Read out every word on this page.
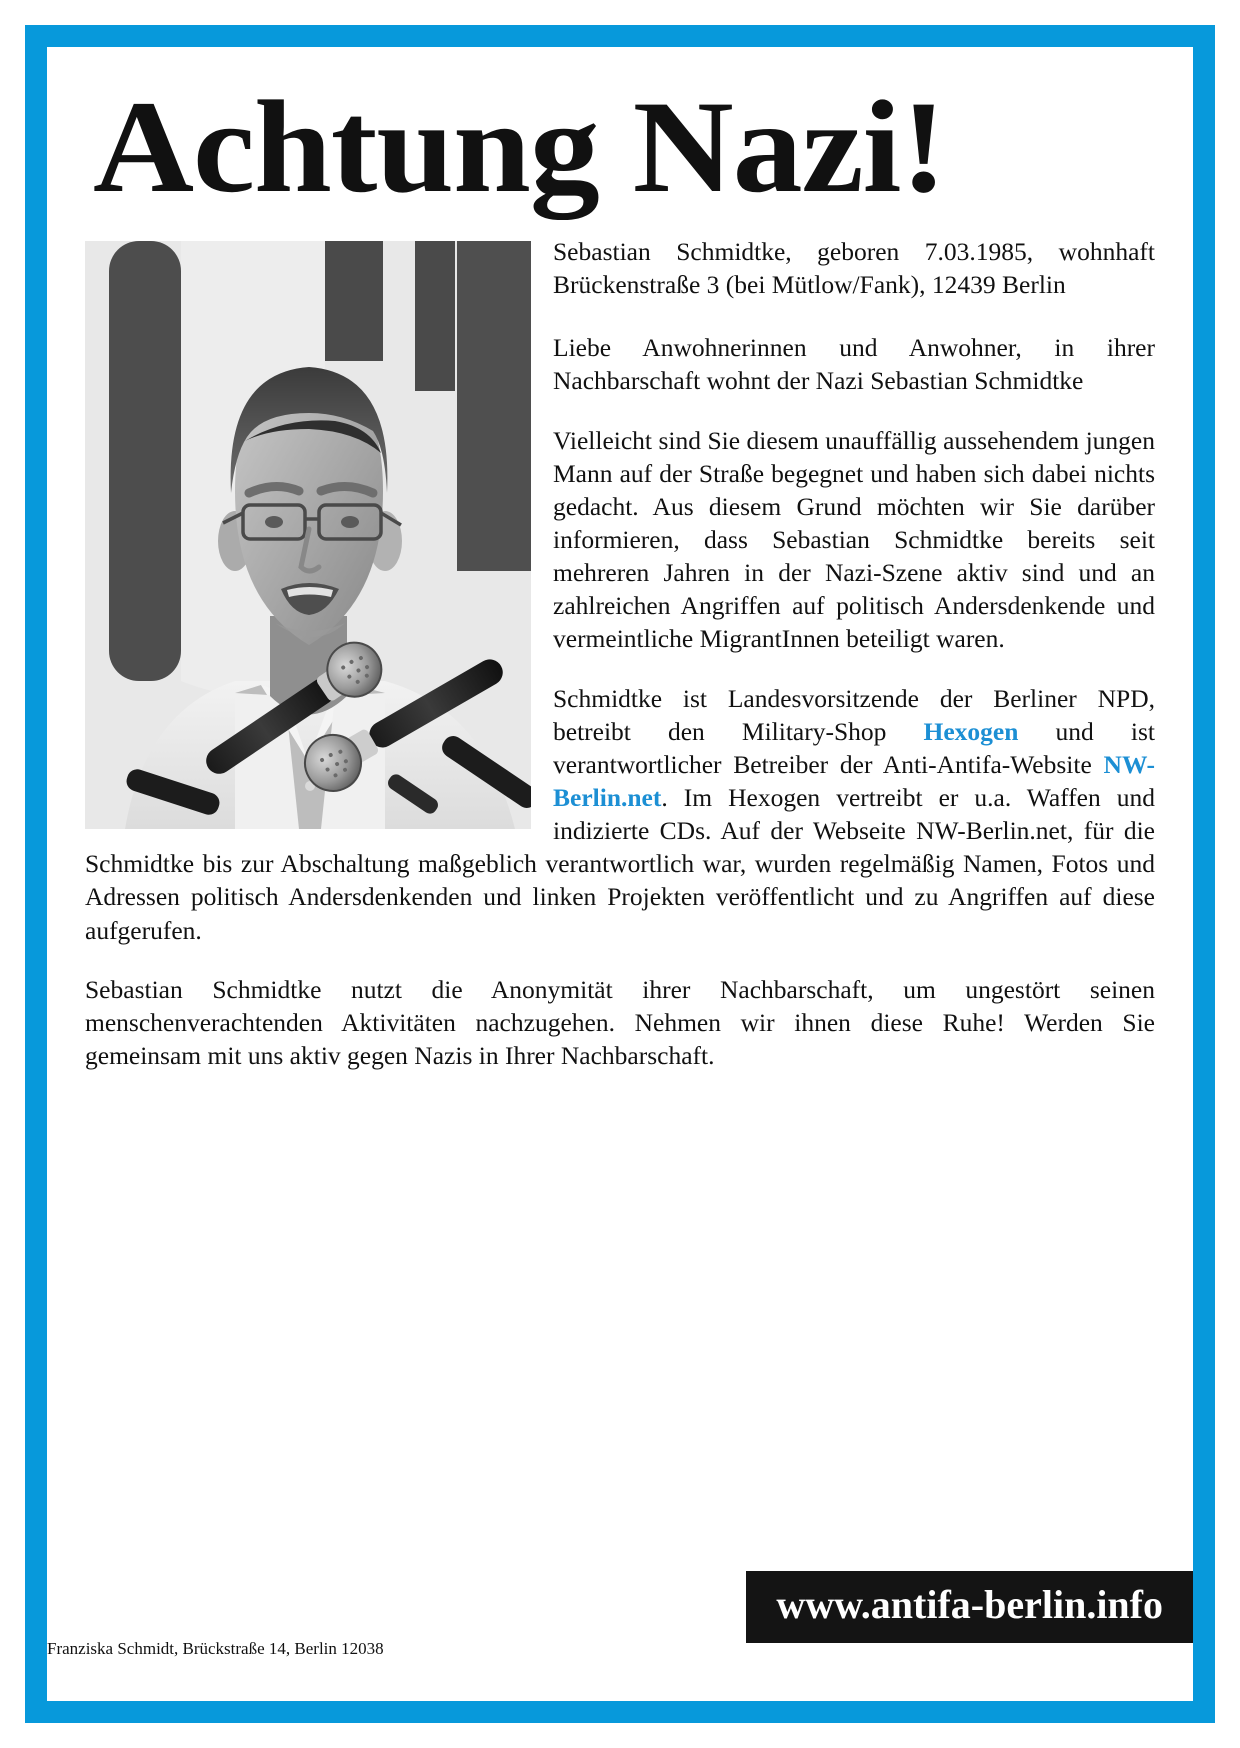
Achtung Nazi!

Sebastian Schmidtke, geboren 7.03.1985, wohnhaft Brückenstraße 3 (bei Mütlow/Fank), 12439 Berlin

Liebe Anwohnerinnen und Anwohner, in ihrer Nachbarschaft wohnt der Nazi Sebastian Schmidtke

Vielleicht sind Sie diesem unauffällig aussehendem jungen Mann auf der Straße begegnet und haben sich dabei nichts gedacht. Aus diesem Grund möchten wir Sie darüber informieren, dass Sebastian Schmidtke bereits seit mehreren Jahren in der Nazi-Szene aktiv sind und an zahlreichen Angriffen auf politisch Andersdenkende und vermeintliche MigrantInnen beteiligt waren.

Schmidtke ist Landesvorsitzende der Berliner NPD, betreibt den Military-Shop Hexogen und ist verantwortlicher Betreiber der Anti-Antifa-Website NW-Berlin.net. Im Hexogen vertreibt er u.a. Waffen und indizierte CDs. Auf der Webseite NW-Berlin.net, für die Schmidtke bis zur Abschaltung maßgeblich verantwortlich war, wurden regelmäßig Namen, Fotos und Adressen politisch Andersdenkenden und linken Projekten veröffentlicht und zu Angriffen auf diese aufgerufen.

Sebastian Schmidtke nutzt die Anonymität ihrer Nachbarschaft, um ungestört seinen menschenverachtenden Aktivitäten nachzugehen. Nehmen wir ihnen diese Ruhe! Werden Sie gemeinsam mit uns aktiv gegen Nazis in Ihrer Nachbarschaft.

www.antifa-berlin.info
Franziska Schmidt, Brückstraße 14, Berlin 12038
